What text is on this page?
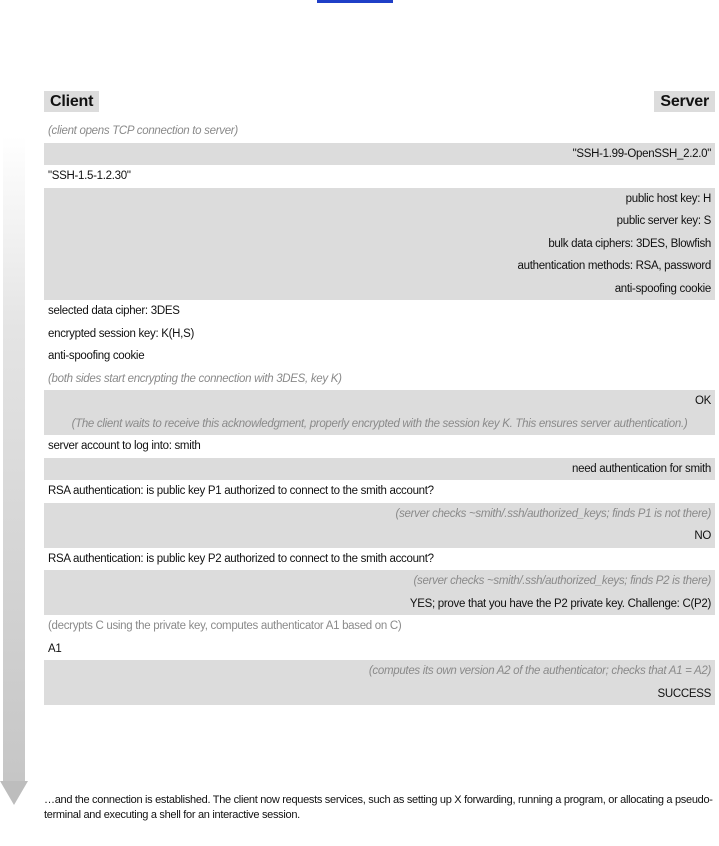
Client	Server
(client opens TCP connection to server)
"SSH-1.99-OpenSSH_2.2.0"
"SSH-1.5-1.2.30"
public host key: H
public server key: S
bulk data ciphers: 3DES, Blowfish
authentication methods: RSA, password
anti-spoofing cookie
selected data cipher: 3DES
encrypted session key: K(H,S)
anti-spoofing cookie
(both sides start encrypting the connection with 3DES, key K)
OK
(The client waits to receive this acknowledgment, properly encrypted with the session key K. This ensures server authentication.)
server account to log into: smith
need authentication for smith
RSA authentication: is public key P1 authorized to connect to the smith account?
(server checks ~smith/.ssh/authorized_keys; finds P1 is not there)
NO
RSA authentication: is public key P2 authorized to connect to the smith account?
(server checks ~smith/.ssh/authorized_keys; finds P2 is there)
YES; prove that you have the P2 private key. Challenge: C(P2)
(decrypts C using the private key, computes authenticator A1 based on C)
A1
(computes its own version A2 of the authenticator; checks that A1 = A2)
SUCCESS
…and the connection is established. The client now requests services, such as setting up X forwarding, running a program, or allocating a pseudo-terminal and executing a shell for an interactive session.
